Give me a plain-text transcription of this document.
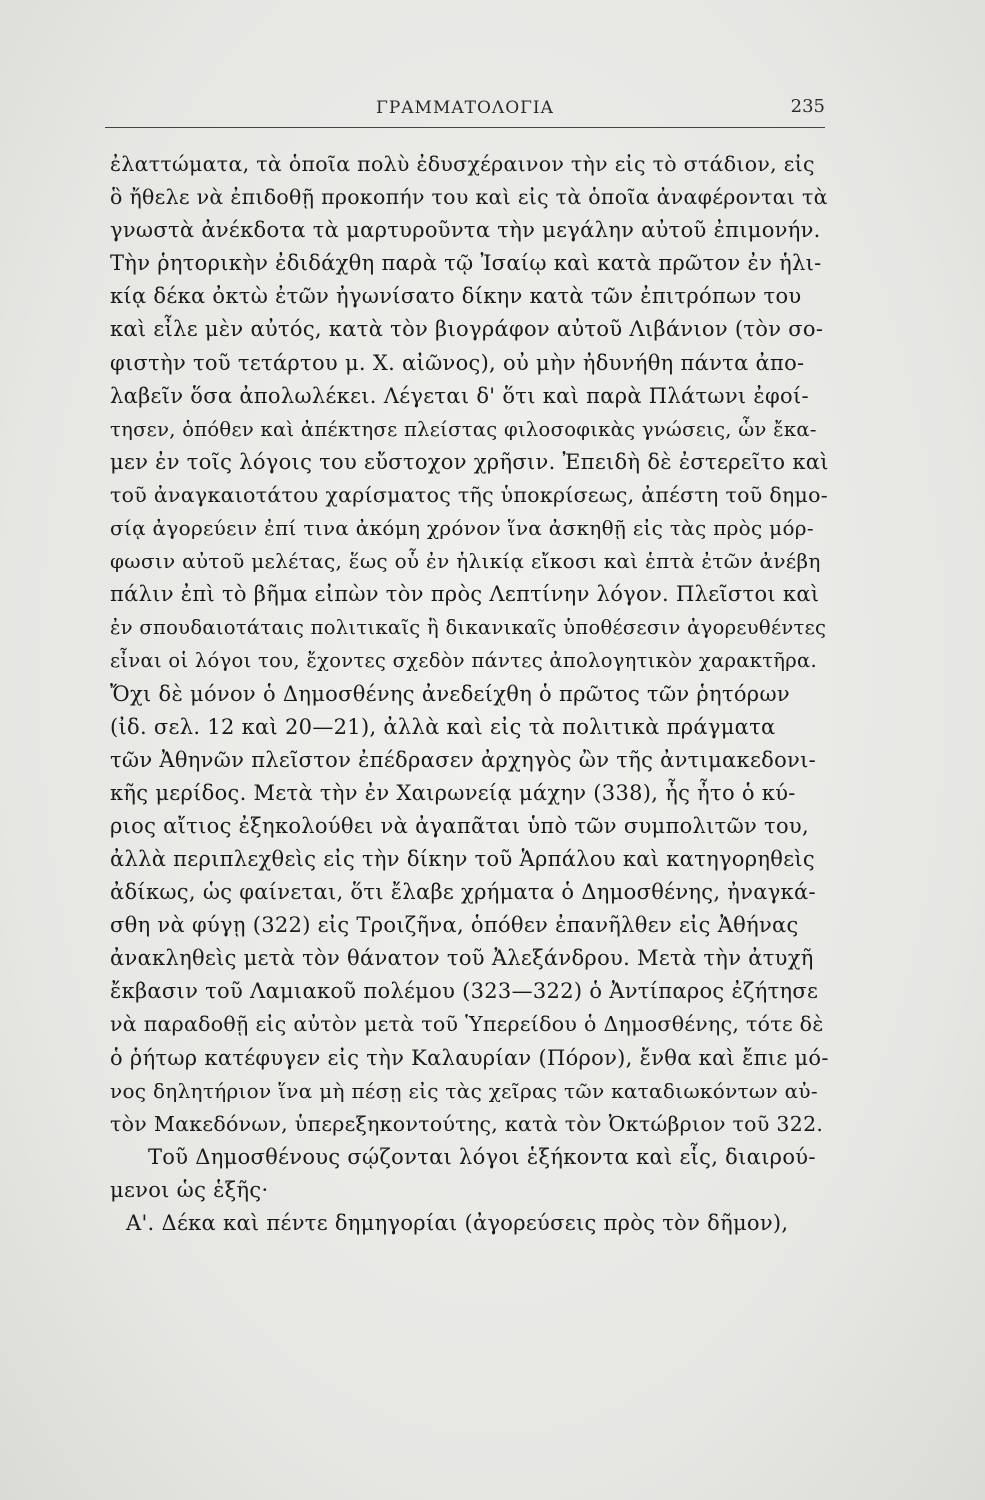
ΓΡΑΜΜΑΤΟΛΟΓΙΑ	235
ἐλαττώματα, τὰ ὁποῖα πολὺ ἐδυσχέραινον τὴν εἰς τὸ στάδιον, εἰς
ὃ ἤθελε νὰ ἐπιδοθῇ προκοπήν του καὶ εἰς τὰ ὁποῖα ἀναφέρονται τὰ
γνωστὰ ἀνέκδοτα τὰ μαρτυροῦντα τὴν μεγάλην αὐτοῦ ἐπιμονήν.
Τὴν ῥητορικὴν ἐδιδάχθη παρὰ τῷ Ἰσαίῳ καὶ κατὰ πρῶτον ἐν ἡλι-
κίᾳ δέκα ὀκτὼ ἐτῶν ἠγωνίσατο δίκην κατὰ τῶν ἐπιτρόπων του
καὶ εἶλε μὲν αὐτός, κατὰ τὸν βιογράφον αὐτοῦ Λιβάνιον (τὸν σο-
φιστὴν τοῦ τετάρτου μ. Χ. αἰῶνος), οὐ μὴν ἠδυνήθη πάντα ἀπο-
λαβεῖν ὅσα ἀπολωλέκει. Λέγεται δ' ὅτι καὶ παρὰ Πλάτωνι ἐφοί-
τησεν, ὁπόθεν καὶ ἀπέκτησε πλείστας φιλοσοφικὰς γνώσεις, ὧν ἔκα-
μεν ἐν τοῖς λόγοις του εὔστοχον χρῆσιν. Ἐπειδὴ δὲ ἐστερεῖτο καὶ
τοῦ ἀναγκαιοτάτου χαρίσματος τῆς ὑποκρίσεως, ἀπέστη τοῦ δημο-
σίᾳ ἀγορεύειν ἐπί τινα ἀκόμη χρόνον ἵνα ἀσκηθῇ εἰς τὰς πρὸς μόρ-
φωσιν αὐτοῦ μελέτας, ἕως οὗ ἐν ἡλικίᾳ εἴκοσι καὶ ἑπτὰ ἐτῶν ἀνέβη
πάλιν ἐπὶ τὸ βῆμα εἰπὼν τὸν πρὸς Λεπτίνην λόγον. Πλεῖστοι καὶ
ἐν σπουδαιοτάταις πολιτικαῖς ἢ δικανικαῖς ὑποθέσεσιν ἀγορευθέντες
εἶναι οἱ λόγοι του, ἔχοντες σχεδὸν πάντες ἀπολογητικὸν χαρακτῆρα.
Ὄχι δὲ μόνον ὁ Δημοσθένης ἀνεδείχθη ὁ πρῶτος τῶν ῥητόρων
(ἰδ. σελ. 12 καὶ 20—21), ἀλλὰ καὶ εἰς τὰ πολιτικὰ πράγματα
τῶν Ἀθηνῶν πλεῖστον ἐπέδρασεν ἀρχηγὸς ὢν τῆς ἀντιμακεδονι-
κῆς μερίδος. Μετὰ τὴν ἐν Χαιρωνείᾳ μάχην (338), ἧς ἦτο ὁ κύ-
ριος αἴτιος ἐξηκολούθει νὰ ἀγαπᾶται ὑπὸ τῶν συμπολιτῶν του,
ἀλλὰ περιπλεχθεὶς εἰς τὴν δίκην τοῦ Ἁρπάλου καὶ κατηγορηθεὶς
ἀδίκως, ὡς φαίνεται, ὅτι ἔλαβε χρήματα ὁ Δημοσθένης, ἠναγκά-
σθη νὰ φύγῃ (322) εἰς Τροιζῆνα, ὁπόθεν ἐπανῆλθεν εἰς Ἀθήνας
ἀνακληθεὶς μετὰ τὸν θάνατον τοῦ Ἀλεξάνδρου. Μετὰ τὴν ἀτυχῆ
ἔκβασιν τοῦ Λαμιακοῦ πολέμου (323—322) ὁ Ἀντίπαρος ἐζήτησε
νὰ παραδοθῇ εἰς αὐτὸν μετὰ τοῦ Ὑπερείδου ὁ Δημοσθένης, τότε δὲ
ὁ ῥήτωρ κατέφυγεν εἰς τὴν Καλαυρίαν (Πόρον), ἔνθα καὶ ἔπιε μό-
νος δηλητήριον ἵνα μὴ πέσῃ εἰς τὰς χεῖρας τῶν καταδιωκόντων αὐ-
τὸν Μακεδόνων, ὑπερεξηκοντούτης, κατὰ τὸν Ὀκτώβριον τοῦ 322.
Τοῦ Δημοσθένους σῴζονται λόγοι ἑξήκοντα καὶ εἷς, διαιρού-
μενοι ὡς ἑξῆς·
Α'. Δέκα καὶ πέντε δημηγορίαι (ἀγορεύσεις πρὸς τὸν δῆμον),
